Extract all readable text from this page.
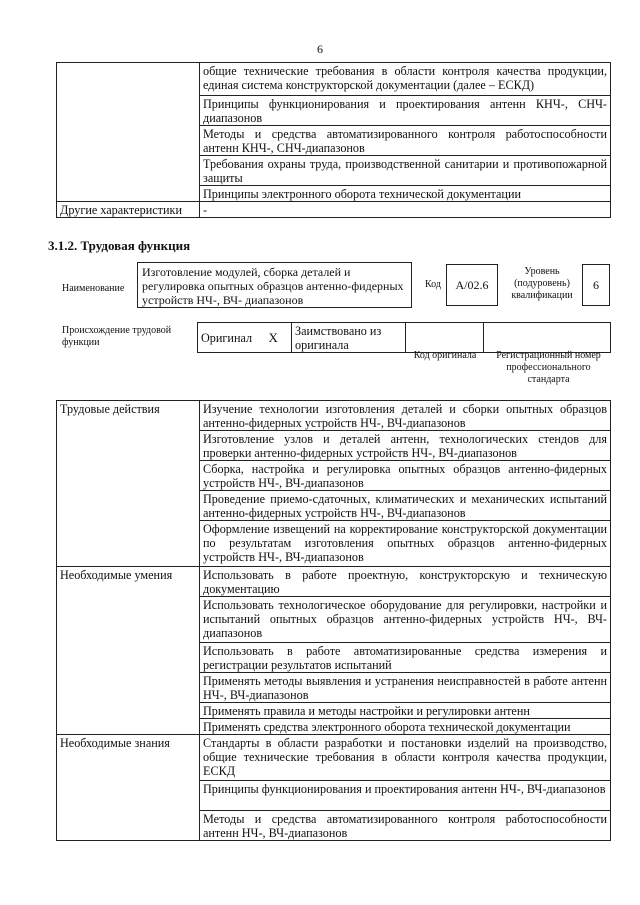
6
	общие технические требования в области контроля качества продукции, единая система конструкторской документации (далее – ЕСКД)
	Принципы функционирования и проектирования антенн КНЧ-, СНЧ-диапазонов
	Методы и средства автоматизированного контроля работоспособности антенн КНЧ-, СНЧ-диапазонов
	Требования охраны труда, производственной санитарии и противопожарной защиты
	Принципы электронного оборота технической документации
Другие характеристики	-
3.1.2. Трудовая функция
Наименование
Изготовление модулей, сборка деталей и регулировка опытных образцов антенно-фидерных устройств НЧ-, ВЧ- диапазонов
Код A/02.6
Уровень (подуровень) квалификации
6
Происхождение трудовой функции	Оригинал	X	Заимствовано из оригинала		
Код оригинала	Регистрационный номер профессионального стандарта
Трудовые действия	Изучение технологии изготовления деталей и сборки опытных образцов антенно-фидерных устройств НЧ-, ВЧ-диапазонов
	Изготовление узлов и деталей антенн, технологических стендов для проверки антенно-фидерных устройств НЧ-, ВЧ-диапазонов
	Сборка, настройка и регулировка опытных образцов антенно-фидерных устройств НЧ-, ВЧ-диапазонов
	Проведение приемо-сдаточных, климатических и механических испытаний антенно-фидерных устройств НЧ-, ВЧ-диапазонов
	Оформление извещений на корректирование конструкторской документации по результатам изготовления опытных образцов антенно-фидерных устройств НЧ-, ВЧ-диапазонов
Необходимые умения	Использовать в работе проектную, конструкторскую и техническую документацию
	Использовать технологическое оборудование для регулировки, настройки и испытаний опытных образцов антенно-фидерных устройств НЧ-, ВЧ-диапазонов
	Использовать в работе автоматизированные средства измерения и регистрации результатов испытаний
	Применять методы выявления и устранения неисправностей в работе антенн НЧ-, ВЧ-диапазонов
	Применять правила и методы настройки и регулировки антенн
	Применять средства электронного оборота технической документации
Необходимые знания	Стандарты в области разработки и постановки изделий на производство, общие технические требования в области контроля качества продукции, ЕСКД
	Принципы функционирования и проектирования антенн НЧ-, ВЧ-диапазонов
	Методы и средства автоматизированного контроля работоспособности антенн НЧ-, ВЧ-диапазонов
